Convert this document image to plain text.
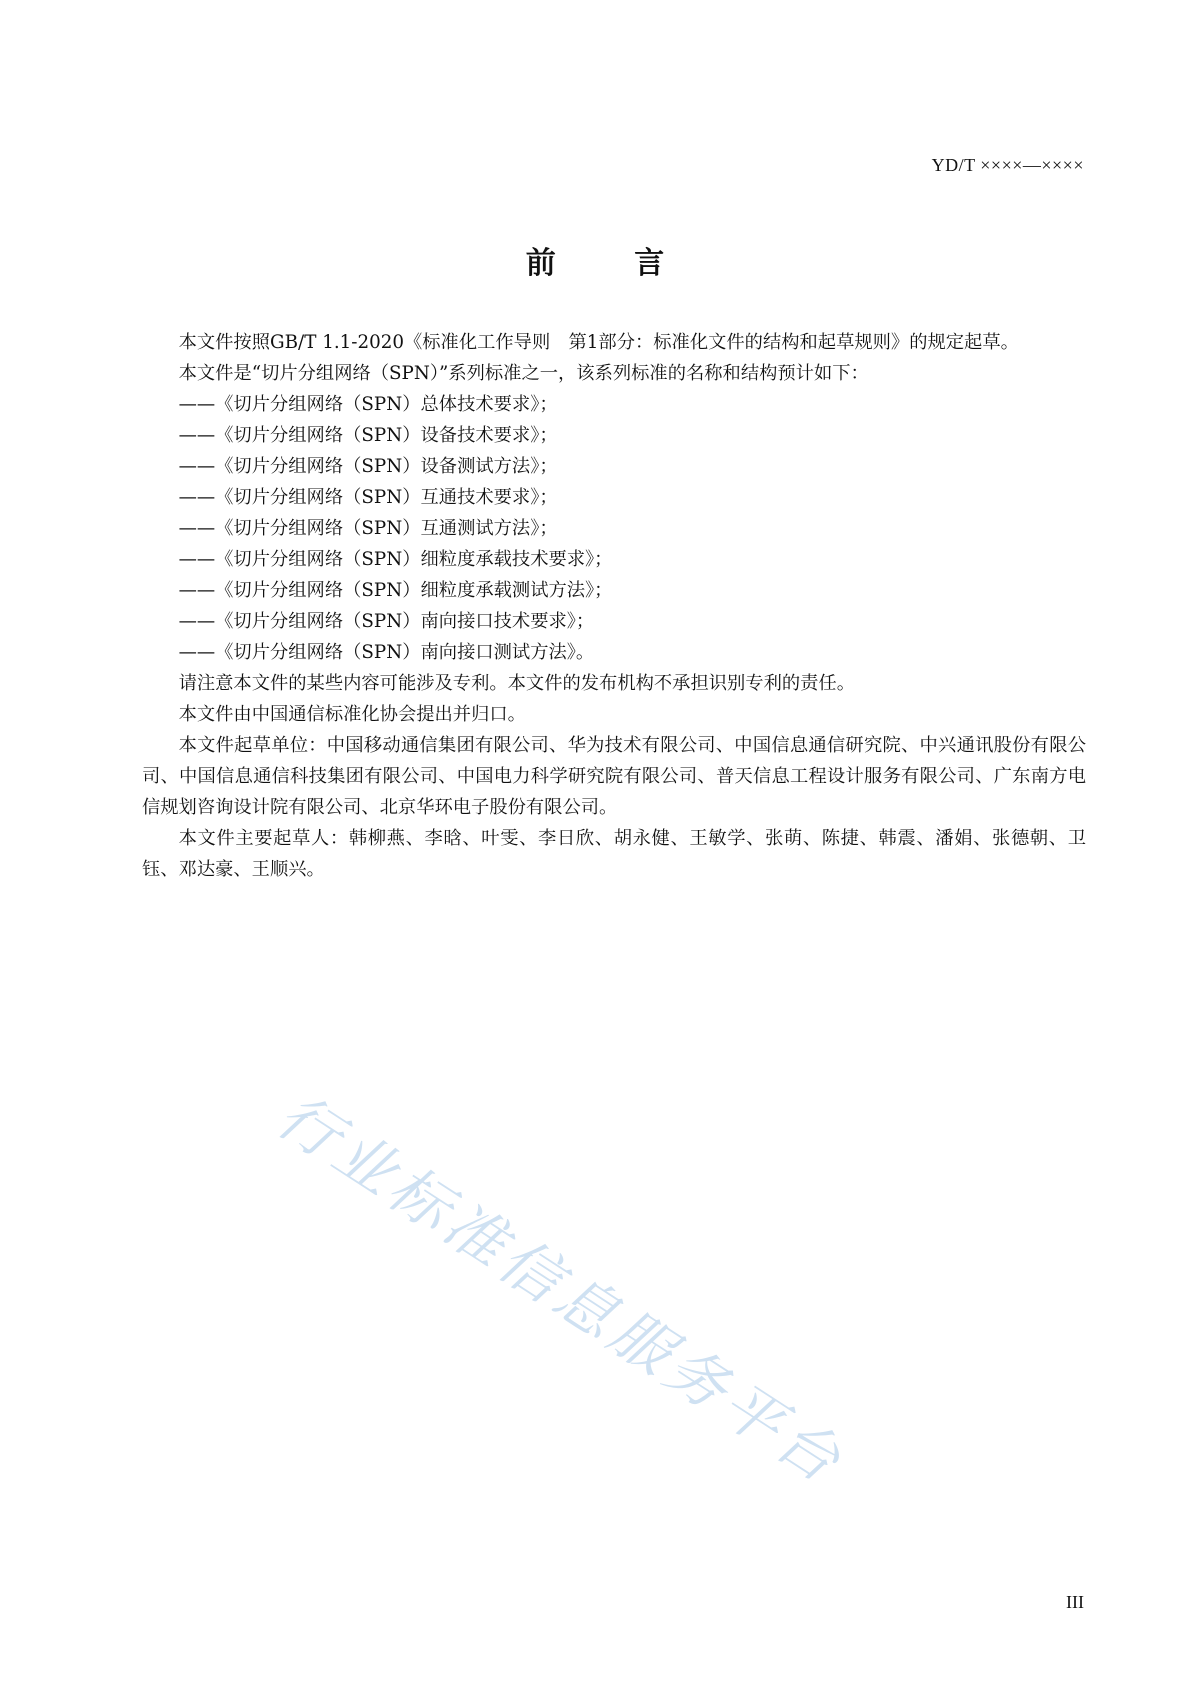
YD/T ××××—××××
前 言

本文件按照GB/T 1.1-2020《标准化工作导则　第1部分：标准化文件的结构和起草规则》的规定起草。

本文件是“切片分组网络（SPN）”系列标准之一，该系列标准的名称和结构预计如下：

——《切片分组网络（SPN）总体技术要求》；

——《切片分组网络（SPN）设备技术要求》；

——《切片分组网络（SPN）设备测试方法》；

——《切片分组网络（SPN）互通技术要求》；

——《切片分组网络（SPN）互通测试方法》；

——《切片分组网络（SPN）细粒度承载技术要求》；

——《切片分组网络（SPN）细粒度承载测试方法》；

——《切片分组网络（SPN）南向接口技术要求》；

——《切片分组网络（SPN）南向接口测试方法》。

请注意本文件的某些内容可能涉及专利。本文件的发布机构不承担识别专利的责任。

本文件由中国通信标准化协会提出并归口。

本文件起草单位：中国移动通信集团有限公司、华为技术有限公司、中国信息通信研究院、中兴通讯股份有限公司、中国信息通信科技集团有限公司、中国电力科学研究院有限公司、普天信息工程设计服务有限公司、广东南方电信规划咨询设计院有限公司、北京华环电子股份有限公司。

本文件主要起草人：韩柳燕、李晗、叶雯、李日欣、胡永健、王敏学、张萌、陈捷、韩震、潘娟、张德朝、卫钰、邓达豪、王顺兴。

行业标准信息服务平台
III
